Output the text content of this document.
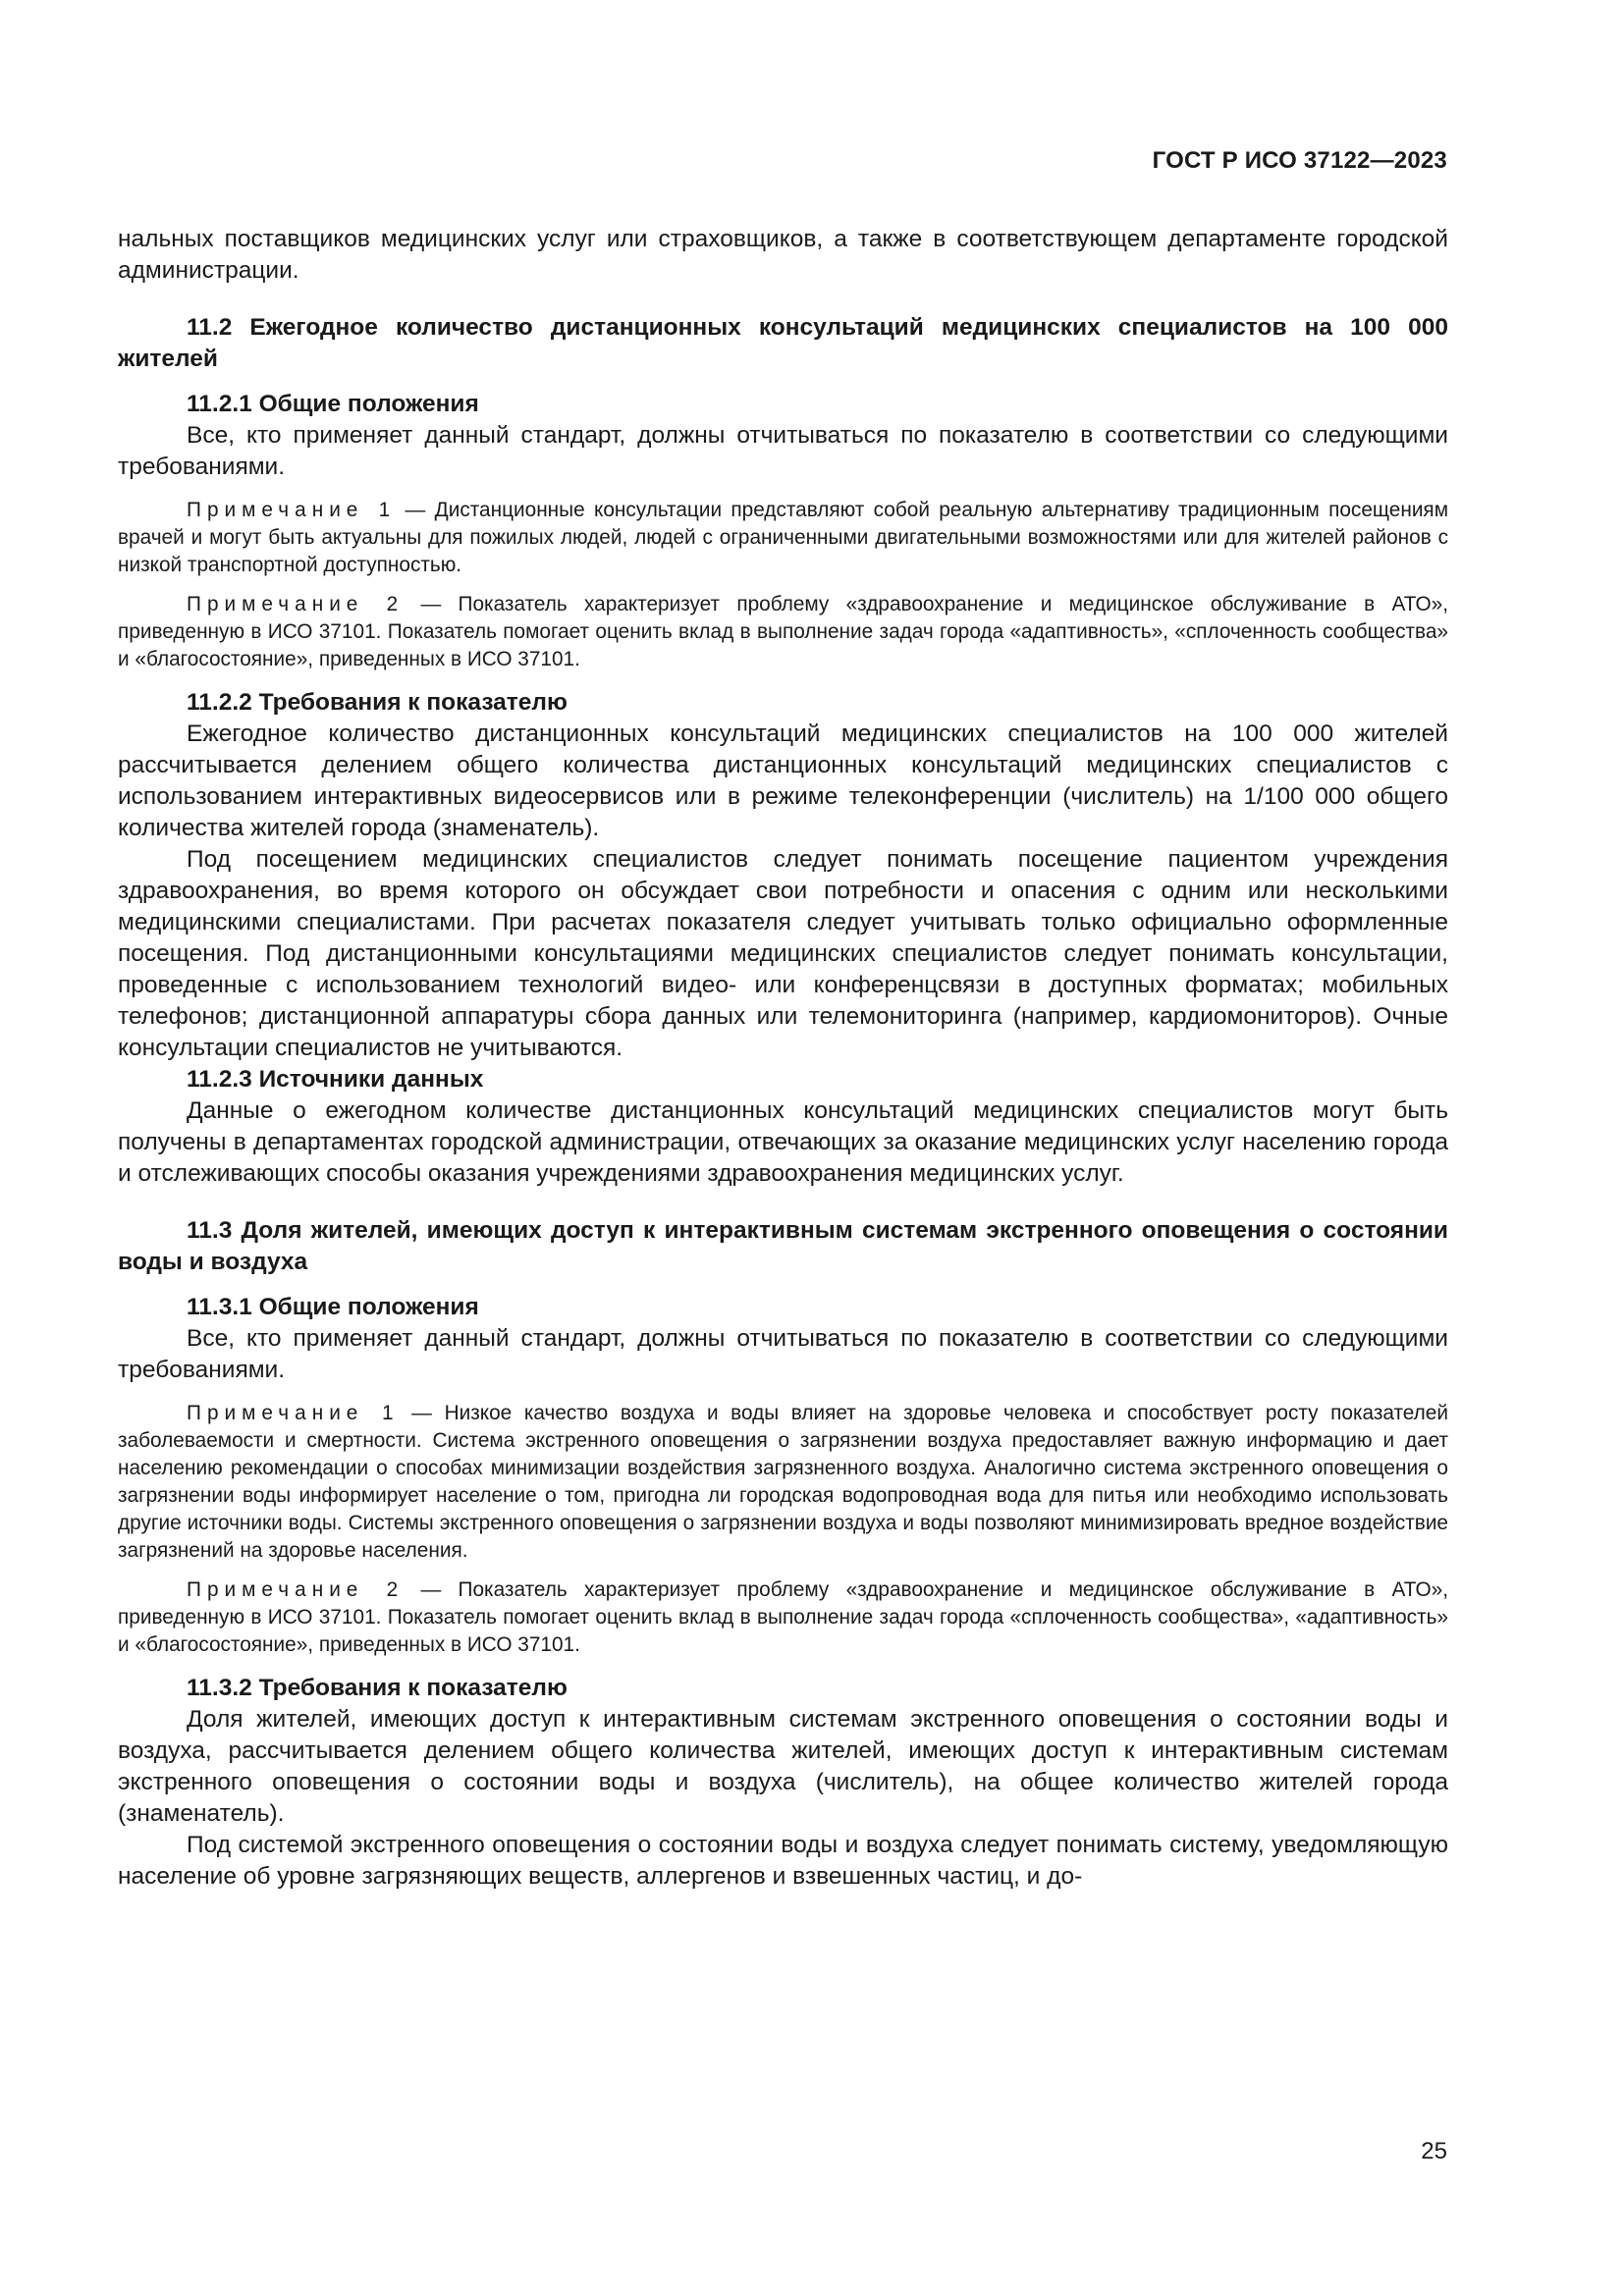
ГОСТ Р ИСО 37122—2023

нальных поставщиков медицинских услуг или страховщиков, а также в соответствующем департаменте городской администрации.

11.2 Ежегодное количество дистанционных консультаций медицинских специалистов на 100 000 жителей

11.2.1 Общие положения

Все, кто применяет данный стандарт, должны отчитываться по показателю в соответствии со следующими требованиями.

Примечание 1 — Дистанционные консультации представляют собой реальную альтернативу традиционным посещениям врачей и могут быть актуальны для пожилых людей, людей с ограниченными двигательными возможностями или для жителей районов с низкой транспортной доступностью.

Примечание 2 — Показатель характеризует проблему «здравоохранение и медицинское обслуживание в АТО», приведенную в ИСО 37101. Показатель помогает оценить вклад в выполнение задач города «адаптивность», «сплоченность сообщества» и «благосостояние», приведенных в ИСО 37101.

11.2.2 Требования к показателю

Ежегодное количество дистанционных консультаций медицинских специалистов на 100 000 жителей рассчитывается делением общего количества дистанционных консультаций медицинских специалистов с использованием интерактивных видеосервисов или в режиме телеконференции (числитель) на 1/100 000 общего количества жителей города (знаменатель).

Под посещением медицинских специалистов следует понимать посещение пациентом учреждения здравоохранения, во время которого он обсуждает свои потребности и опасения с одним или несколькими медицинскими специалистами. При расчетах показателя следует учитывать только официально оформленные посещения. Под дистанционными консультациями медицинских специалистов следует понимать консультации, проведенные с использованием технологий видео- или конференцсвязи в доступных форматах; мобильных телефонов; дистанционной аппаратуры сбора данных или телемониторинга (например, кардиомониторов). Очные консультации специалистов не учитываются.

11.2.3 Источники данных

Данные о ежегодном количестве дистанционных консультаций медицинских специалистов могут быть получены в департаментах городской администрации, отвечающих за оказание медицинских услуг населению города и отслеживающих способы оказания учреждениями здравоохранения медицинских услуг.

11.3 Доля жителей, имеющих доступ к интерактивным системам экстренного оповещения о состоянии воды и воздуха

11.3.1 Общие положения

Все, кто применяет данный стандарт, должны отчитываться по показателю в соответствии со следующими требованиями.

Примечание 1 — Низкое качество воздуха и воды влияет на здоровье человека и способствует росту показателей заболеваемости и смертности. Система экстренного оповещения о загрязнении воздуха предоставляет важную информацию и дает населению рекомендации о способах минимизации воздействия загрязненного воздуха. Аналогично система экстренного оповещения о загрязнении воды информирует население о том, пригодна ли городская водопроводная вода для питья или необходимо использовать другие источники воды. Системы экстренного оповещения о загрязнении воздуха и воды позволяют минимизировать вредное воздействие загрязнений на здоровье населения.

Примечание 2 — Показатель характеризует проблему «здравоохранение и медицинское обслуживание в АТО», приведенную в ИСО 37101. Показатель помогает оценить вклад в выполнение задач города «сплоченность сообщества», «адаптивность» и «благосостояние», приведенных в ИСО 37101.

11.3.2 Требования к показателю

Доля жителей, имеющих доступ к интерактивным системам экстренного оповещения о состоянии воды и воздуха, рассчитывается делением общего количества жителей, имеющих доступ к интерактивным системам экстренного оповещения о состоянии воды и воздуха (числитель), на общее количество жителей города (знаменатель).

Под системой экстренного оповещения о состоянии воды и воздуха следует понимать систему, уведомляющую население об уровне загрязняющих веществ, аллергенов и взвешенных частиц, и до-

25
